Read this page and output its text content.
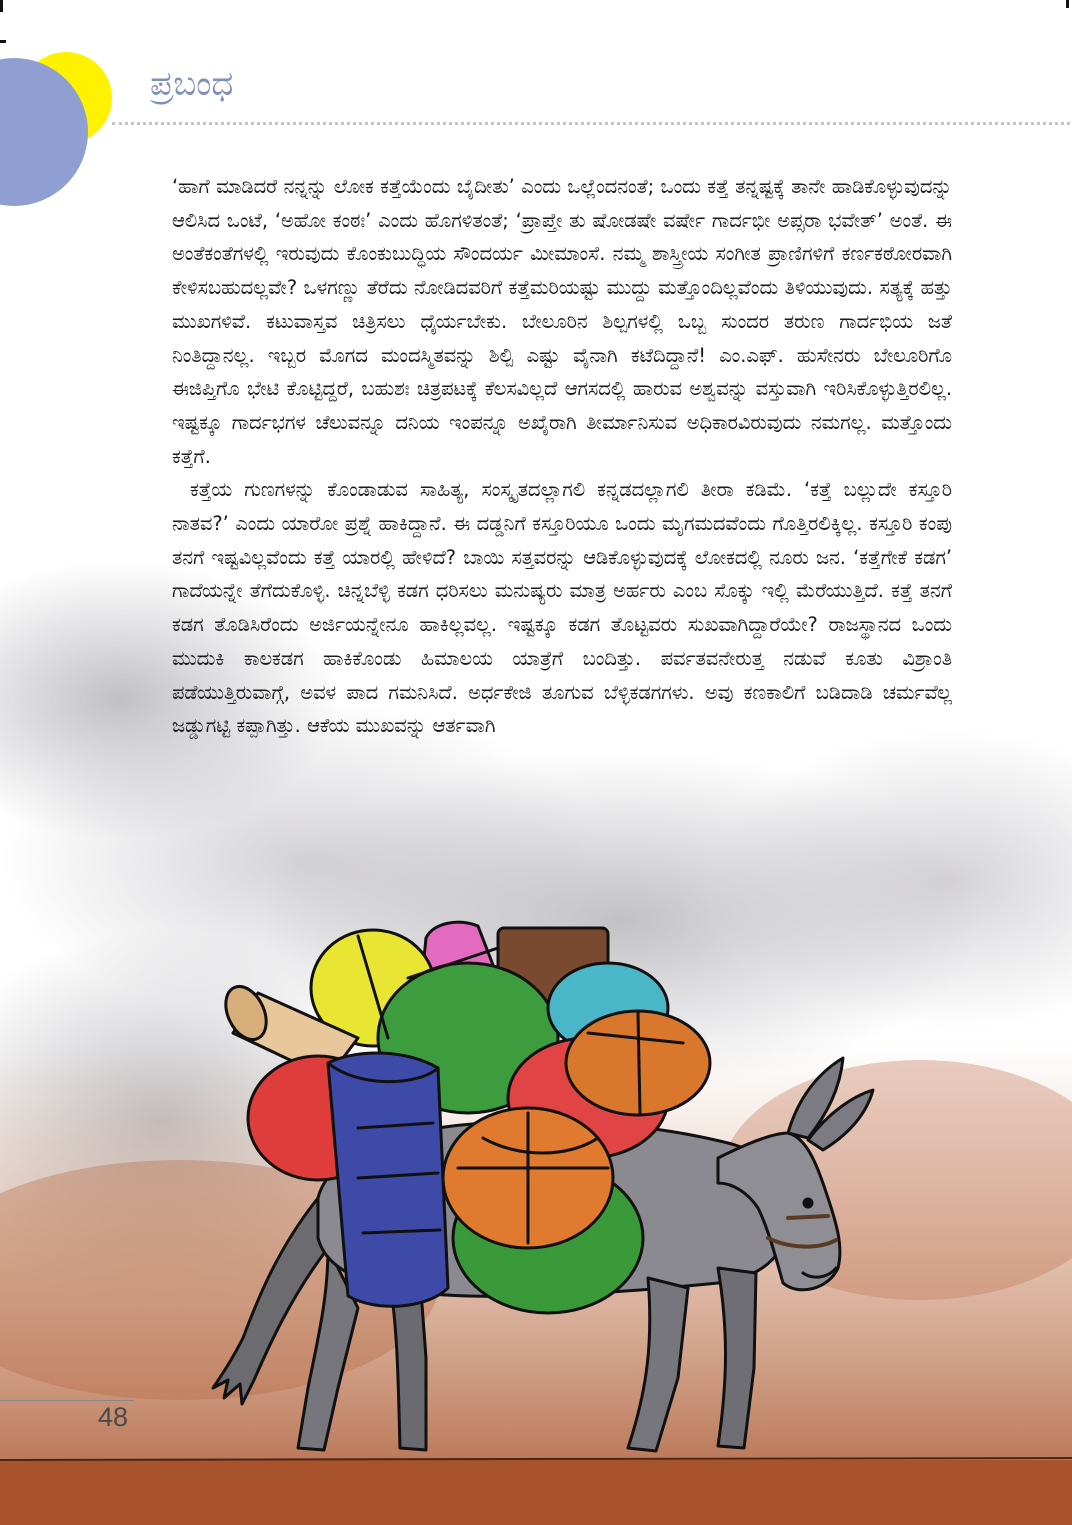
ಪ್ರಬಂಧ

‘ಹಾಗೆ ಮಾಡಿದರೆ ನನ್ನನ್ನು ಲೋಕ ಕತ್ತೆಯೆಂದು ಬೈದೀತು’ ಎಂದು ಒಲ್ಲೆಂದನಂತೆ; ಒಂದು ಕತ್ತೆ ತನ್ನಷ್ಟಕ್ಕೆ ತಾನೇ ಹಾಡಿಕೊಳ್ಳುವುದನ್ನು ಆಲಿಸಿದ ಒಂಟೆ, ‘ಅಹೋ ಕಂಠಃ’ ಎಂದು ಹೊಗಳಿತಂತೆ; ‘ಪ್ರಾಪ್ತೇ ತು ಷೋಡಷೇ ವರ್ಷೇ ಗಾರ್ದಭೀ ಅಪ್ಸರಾ ಭವೇತ್’ ಅಂತೆ. ಈ ಅಂತೆಕಂತೆಗಳಲ್ಲಿ ಇರುವುದು ಕೊಂಕುಬುದ್ಧಿಯ ಸೌಂದರ್ಯ ಮೀಮಾಂಸೆ. ನಮ್ಮ ಶಾಸ್ತ್ರೀಯ ಸಂಗೀತ ಪ್ರಾಣಿಗಳಿಗೆ ಕರ್ಣಕಠೋರವಾಗಿ ಕೇಳಿಸಬಹುದಲ್ಲವೇ? ಒಳಗಣ್ಣು ತೆರೆದು ನೋಡಿದವರಿಗೆ ಕತ್ತೆಮರಿಯಷ್ಟು ಮುದ್ದು ಮತ್ತೊಂದಿಲ್ಲವೆಂದು ತಿಳಿಯುವುದು. ಸತ್ಯಕ್ಕೆ ಹತ್ತು ಮುಖಗಳಿವೆ. ಕಟುವಾಸ್ತವ ಚಿತ್ರಿಸಲು ಧೈರ್ಯಬೇಕು. ಬೇಲೂರಿನ ಶಿಲ್ಪಗಳಲ್ಲಿ ಒಬ್ಬ ಸುಂದರ ತರುಣ ಗಾರ್ದಭಿಯ ಜತೆ ನಿಂತಿದ್ದಾನಲ್ಲ. ಇಬ್ಬರ ಮೊಗದ ಮಂದಸ್ಮಿತವನ್ನು ಶಿಲ್ಪಿ ಎಷ್ಟು ವೈನಾಗಿ ಕಟೆದಿದ್ದಾನೆ! ಎಂ.ಎಫ್. ಹುಸೇನರು ಬೇಲೂರಿಗೊ ಈಜಿಪ್ತಿಗೊ ಭೇಟಿ ಕೊಟ್ಟಿದ್ದರೆ, ಬಹುಶಃ ಚಿತ್ರಪಟಕ್ಕೆ ಕೆಲಸವಿಲ್ಲದೆ ಆಗಸದಲ್ಲಿ ಹಾರುವ ಅಶ್ವವನ್ನು ವಸ್ತುವಾಗಿ ಇರಿಸಿಕೊಳ್ಳುತ್ತಿರಲಿಲ್ಲ. ಇಷ್ಟಕ್ಕೂ ಗಾರ್ದಭಗಳ ಚೆಲುವನ್ನೂ ದನಿಯ ಇಂಪನ್ನೂ ಅಖೈರಾಗಿ ತೀರ್ಮಾನಿಸುವ ಅಧಿಕಾರವಿರುವುದು ನಮಗಲ್ಲ. ಮತ್ತೊಂದು ಕತ್ತೆಗೆ.

ಕತ್ತೆಯ ಗುಣಗಳನ್ನು ಕೊಂಡಾಡುವ ಸಾಹಿತ್ಯ, ಸಂಸ್ಕೃತದಲ್ಲಾಗಲಿ ಕನ್ನಡದಲ್ಲಾಗಲಿ ತೀರಾ ಕಡಿಮೆ. ‘ಕತ್ತೆ ಬಲ್ಲುದೇ ಕಸ್ತೂರಿ ನಾತವ?’ ಎಂದು ಯಾರೋ ಪ್ರಶ್ನೆ ಹಾಕಿದ್ದಾನೆ. ಈ ದಡ್ಡನಿಗೆ ಕಸ್ತೂರಿಯೂ ಒಂದು ಮೃಗಮದವೆಂದು ಗೊತ್ತಿರಲಿಕ್ಕಿಲ್ಲ. ಕಸ್ತೂರಿ ಕಂಪು ತನಗೆ ಇಷ್ಟವಿಲ್ಲವೆಂದು ಕತ್ತೆ ಯಾರಲ್ಲಿ ಹೇಳಿದೆ? ಬಾಯಿ ಸತ್ತವರನ್ನು ಆಡಿಕೊಳ್ಳುವುದಕ್ಕೆ ಲೋಕದಲ್ಲಿ ನೂರು ಜನ. ‘ಕತ್ತೆಗೇಕೆ ಕಡಗ’ ಗಾದೆಯನ್ನೇ ತೆಗೆದುಕೊಳ್ಳಿ. ಚಿನ್ನಬೆಳ್ಳಿ ಕಡಗ ಧರಿಸಲು ಮನುಷ್ಯರು ಮಾತ್ರ ಅರ್ಹರು ಎಂಬ ಸೊಕ್ಕು ಇಲ್ಲಿ ಮೆರೆಯುತ್ತಿದೆ. ಕತ್ತೆ ತನಗೆ ಕಡಗ ತೊಡಿಸಿರೆಂದು ಅರ್ಜಿಯನ್ನೇನೂ ಹಾಕಿಲ್ಲವಲ್ಲ. ಇಷ್ಟಕ್ಕೂ ಕಡಗ ತೊಟ್ಟವರು ಸುಖವಾಗಿದ್ದಾರೆಯೇ? ರಾಜಸ್ಥಾನದ ಒಂದು ಮುದುಕಿ ಕಾಲಕಡಗ ಹಾಕಿಕೊಂಡು ಹಿಮಾಲಯ ಯಾತ್ರೆಗೆ ಬಂದಿತ್ತು. ಪರ್ವತವನೇರುತ್ತ ನಡುವೆ ಕೂತು ವಿಶ್ರಾಂತಿ ಪಡೆಯುತ್ತಿರುವಾಗ್ಗೆ, ಅವಳ ಪಾದ ಗಮನಿಸಿದೆ. ಅರ್ಧಕೇಜಿ ತೂಗುವ ಬೆಳ್ಳಿಕಡಗಗಳು. ಅವು ಕಣಕಾಲಿಗೆ ಬಡಿದಾಡಿ ಚರ್ಮವೆಲ್ಲ ಜಡ್ಡುಗಟ್ಟಿ ಕಪ್ಪಾಗಿತ್ತು. ಆಕೆಯ ಮುಖವನ್ನು ಆರ್ತವಾಗಿ

48
